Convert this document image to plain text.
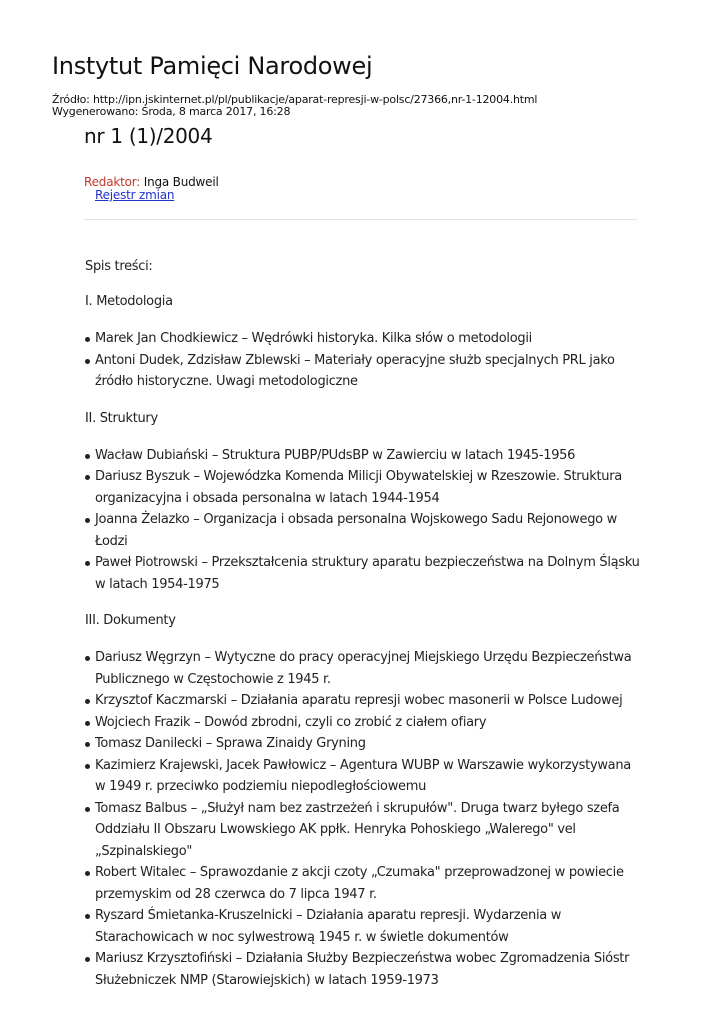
Instytut Pamięci Narodowej
Źródło: http://ipn.jskinternet.pl/pl/publikacje/aparat-represji-w-polsc/27366,nr-1-12004.html
Wygenerowano: Środa, 8 marca 2017, 16:28
nr 1 (1)/2004
Redaktor: Inga Budweil
Rejestr zmian

Spis treści:

I. Metodologia

Marek Jan Chodkiewicz – Wędrówki historyka. Kilka słów o metodologii
Antoni Dudek, Zdzisław Zblewski – Materiały operacyjne służb specjalnych PRL jako źródło historyczne. Uwagi metodologiczne

II. Struktury

Wacław Dubiański – Struktura PUBP/PUdsBP w Zawierciu w latach 1945-1956
Dariusz Byszuk – Wojewódzka Komenda Milicji Obywatelskiej w Rzeszowie. Struktura organizacyjna i obsada personalna w latach 1944-1954
Joanna Żelazko – Organizacja i obsada personalna Wojskowego Sadu Rejonowego w Łodzi
Paweł Piotrowski – Przekształcenia struktury aparatu bezpieczeństwa na Dolnym Śląsku w latach 1954-1975

III. Dokumenty

Dariusz Węgrzyn – Wytyczne do pracy operacyjnej Miejskiego Urzędu Bezpieczeństwa Publicznego w Częstochowie z 1945 r.
Krzysztof Kaczmarski – Działania aparatu represji wobec masonerii w Polsce Ludowej
Wojciech Frazik – Dowód zbrodni, czyli co zrobić z ciałem ofiary
Tomasz Danilecki – Sprawa Zinaidy Gryning
Kazimierz Krajewski, Jacek Pawłowicz – Agentura WUBP w Warszawie wykorzystywana w 1949 r. przeciwko podziemiu niepodległościowemu
Tomasz Balbus – „Służył nam bez zastrzeżeń i skrupułów". Druga twarz byłego szefa Oddziału II Obszaru Lwowskiego AK ppłk. Henryka Pohoskiego „Walerego" vel „Szpinalskiego"
Robert Witalec – Sprawozdanie z akcji czoty „Czumaka" przeprowadzonej w powiecie przemyskim od 28 czerwca do 7 lipca 1947 r.
Ryszard Śmietanka-Kruszelnicki – Działania aparatu represji. Wydarzenia w Starachowicach w noc sylwestrową 1945 r. w świetle dokumentów
Mariusz Krzysztofiński – Działania Służby Bezpieczeństwa wobec Zgromadzenia Sióstr Służebniczek NMP (Starowiejskich) w latach 1959-1973
